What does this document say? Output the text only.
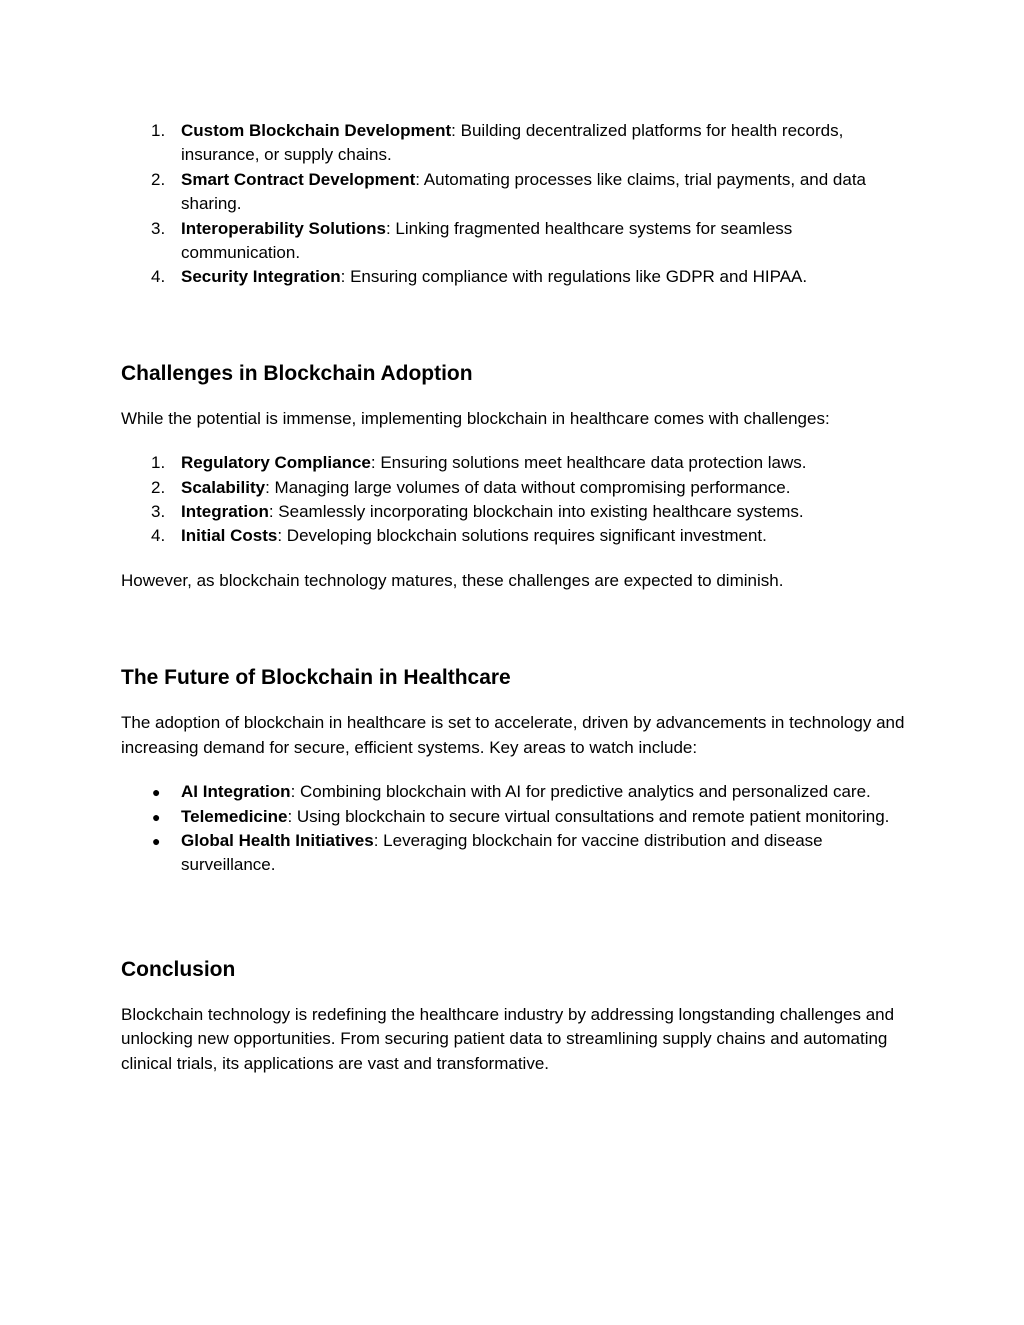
1. Custom Blockchain Development: Building decentralized platforms for health records, insurance, or supply chains.
2. Smart Contract Development: Automating processes like claims, trial payments, and data sharing.
3. Interoperability Solutions: Linking fragmented healthcare systems for seamless communication.
4. Security Integration: Ensuring compliance with regulations like GDPR and HIPAA.
Challenges in Blockchain Adoption

While the potential is immense, implementing blockchain in healthcare comes with challenges:

1. Regulatory Compliance: Ensuring solutions meet healthcare data protection laws.
2. Scalability: Managing large volumes of data without compromising performance.
3. Integration: Seamlessly incorporating blockchain into existing healthcare systems.
4. Initial Costs: Developing blockchain solutions requires significant investment.

However, as blockchain technology matures, these challenges are expected to diminish.

The Future of Blockchain in Healthcare

The adoption of blockchain in healthcare is set to accelerate, driven by advancements in technology and increasing demand for secure, efficient systems. Key areas to watch include:

●	AI Integration: Combining blockchain with AI for predictive analytics and personalized care.
●	Telemedicine: Using blockchain to secure virtual consultations and remote patient monitoring.
●	Global Health Initiatives: Leveraging blockchain for vaccine distribution and disease surveillance.
Conclusion

Blockchain technology is redefining the healthcare industry by addressing longstanding challenges and unlocking new opportunities. From securing patient data to streamlining supply chains and automating clinical trials, its applications are vast and transformative.
